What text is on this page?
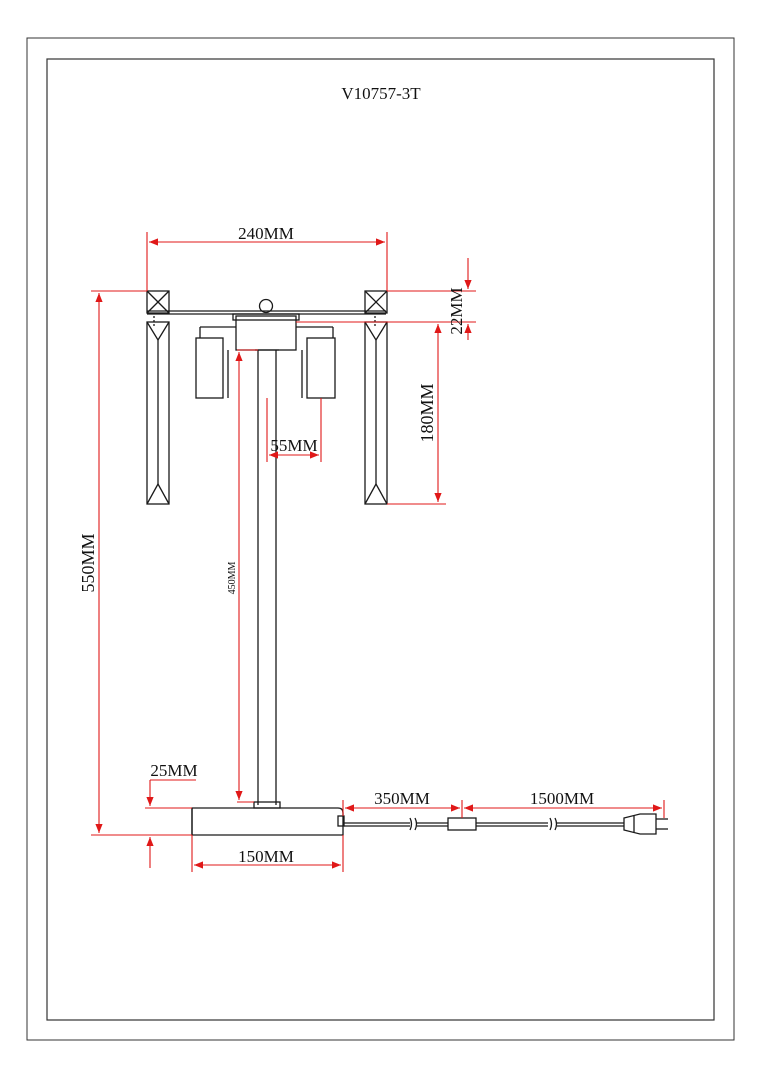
V10757-3T
240MM
22MM
180MM
55MM
450MM
550MM
25MM
150MM
350MM	1500MM
